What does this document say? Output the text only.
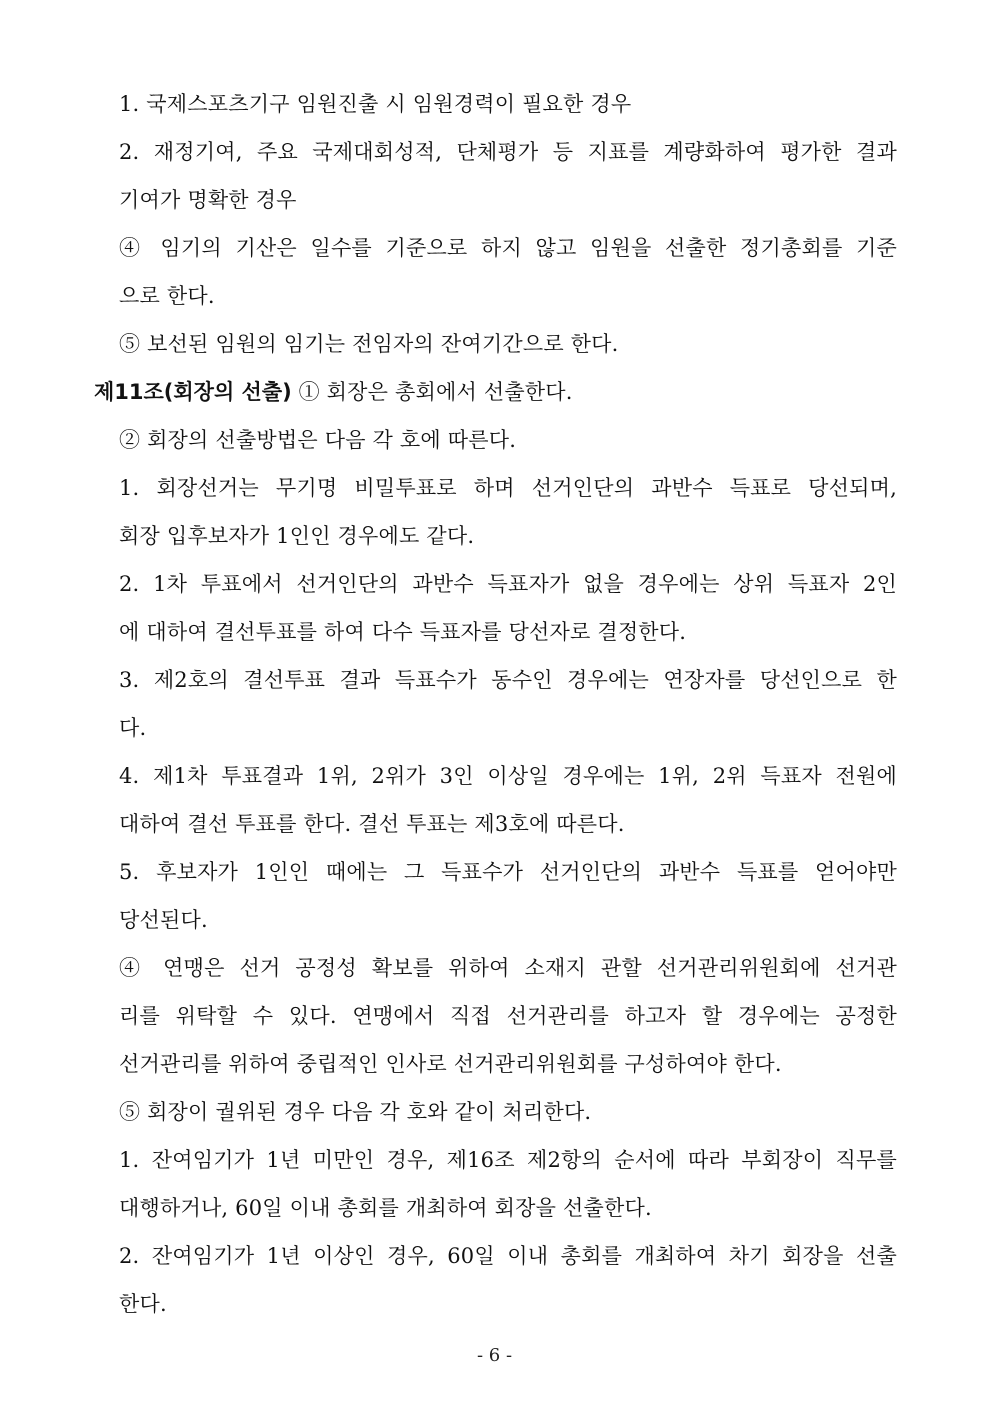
1. 국제스포츠기구 임원진출 시 임원경력이 필요한 경우
2. 재정기여, 주요 국제대회성적, 단체평가 등 지표를 계량화하여 평가한 결과
기여가 명확한 경우
④ 임기의 기산은 일수를 기준으로 하지 않고 임원을 선출한 정기총회를 기준
으로 한다.
⑤ 보선된 임원의 임기는 전임자의 잔여기간으로 한다.
제11조(회장의 선출) ① 회장은 총회에서 선출한다.
② 회장의 선출방법은 다음 각 호에 따른다.
1. 회장선거는 무기명 비밀투표로 하며 선거인단의 과반수 득표로 당선되며,
회장 입후보자가 1인인 경우에도 같다.
2. 1차 투표에서 선거인단의 과반수 득표자가 없을 경우에는 상위 득표자 2인
에 대하여 결선투표를 하여 다수 득표자를 당선자로 결정한다.
3. 제2호의 결선투표 결과 득표수가 동수인 경우에는 연장자를 당선인으로 한
다.
4. 제1차 투표결과 1위, 2위가 3인 이상일 경우에는 1위, 2위 득표자 전원에
대하여 결선 투표를 한다. 결선 투표는 제3호에 따른다.
5. 후보자가 1인인 때에는 그 득표수가 선거인단의 과반수 득표를 얻어야만
당선된다.
④ 연맹은 선거 공정성 확보를 위하여 소재지 관할 선거관리위원회에 선거관
리를 위탁할 수 있다. 연맹에서 직접 선거관리를 하고자 할 경우에는 공정한
선거관리를 위하여 중립적인 인사로 선거관리위원회를 구성하여야 한다.
⑤ 회장이 궐위된 경우 다음 각 호와 같이 처리한다.
1. 잔여임기가 1년 미만인 경우, 제16조 제2항의 순서에 따라 부회장이 직무를
대행하거나, 60일 이내 총회를 개최하여 회장을 선출한다.
2. 잔여임기가 1년 이상인 경우, 60일 이내 총회를 개최하여 차기 회장을 선출
한다.
- 6 -
